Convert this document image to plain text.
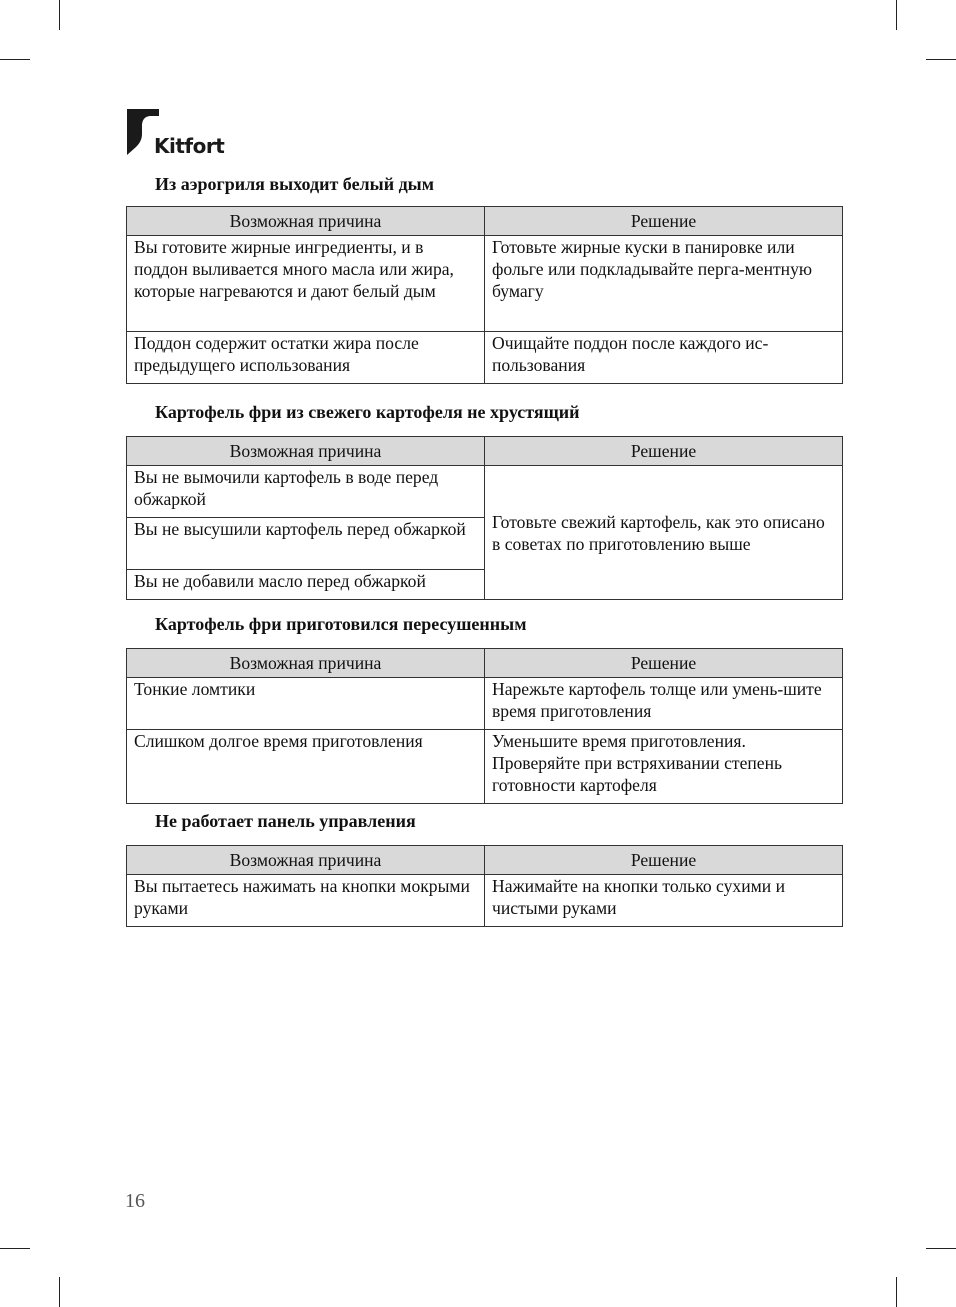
Kitfort
Из аэрогриля выходит белый дым
Возможная причина	Решение
Вы готовите жирные ингредиенты, и в поддон выливается много масла или жира, которые нагреваются и дают белый дым	Готовьте жирные куски в панировке или фольге или подкладывайте перга-ментную бумагу
Поддон содержит остатки жира после предыдущего использования	Очищайте поддон после каждого ис-пользования
Картофель фри из свежего картофеля не хрустящий
Возможная причина	Решение
Вы не вымочили картофель в воде перед обжаркой	Готовьте свежий картофель, как это описано в советах по приготовлению выше
Вы не высушили картофель перед обжаркой	
Вы не добавили масло перед обжаркой	
Картофель фри приготовился пересушенным
Возможная причина	Решение
Тонкие ломтики	Нарежьте картофель толще или умень-шите время приготовления
Слишком долгое время приготовления	Уменьшите время приготовления. Проверяйте при встряхивании степень готовности картофеля
Не работает панель управления
Возможная причина	Решение
Вы пытаетесь нажимать на кнопки мокрыми руками	Нажимайте на кнопки только сухими и чистыми руками
16
